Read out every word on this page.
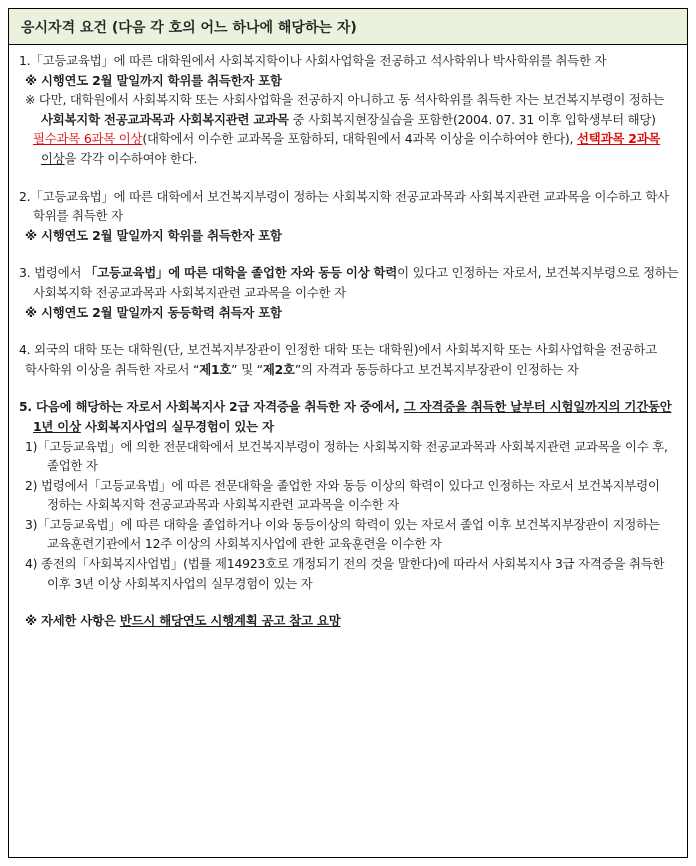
응시자격 요건 (다음 각 호의 어느 하나에 해당하는 자)
1.「고등교육법」에 따른 대학원에서 사회복지학이나 사회사업학을 전공하고 석사학위나 박사학위를 취득한 자
※ 시행연도 2월 말일까지 학위를 취득한자 포함
※ 다만, 대학원에서 사회복지학 또는 사회사업학을 전공하지 아니하고 동 석사학위를 취득한 자는 보건복지부령이 정하는
사회복지학 전공교과목과 사회복지관련 교과목 중 사회복지현장실습을 포함한(2004. 07. 31 이후 입학생부터 해당)
필수과목 6과목 이상(대학에서 이수한 교과목을 포함하되, 대학원에서 4과목 이상을 이수하여야 한다), 선택과목 2과목
이상을 각각 이수하여야 한다.
2.「고등교육법」에 따른 대학에서 보건복지부령이 정하는 사회복지학 전공교과목과 사회복지관련 교과목을 이수하고 학사
학위를 취득한 자
※ 시행연도 2월 말일까지 학위를 취득한자 포함
3. 법령에서 「고등교육법」에 따른 대학을 졸업한 자와 동등 이상 학력이 있다고 인정하는 자로서, 보건복지부령으로 정하는
사회복지학 전공교과목과 사회복지관련 교과목을 이수한 자
※ 시행연도 2월 말일까지 동등학력 취득자 포함
4. 외국의 대학 또는 대학원(단, 보건복지부장관이 인정한 대학 또는 대학원)에서 사회복지학 또는 사회사업학을 전공하고
학사학위 이상을 취득한 자로서 “제1호” 및 “제2호”의 자격과 동등하다고 보건복지부장관이 인정하는 자
5. 다음에 해당하는 자로서 사회복지사 2급 자격증을 취득한 자 중에서, 그 자격증을 취득한 날부터 시험일까지의 기간동안
1년 이상 사회복지사업의 실무경험이 있는 자
1)「고등교육법」에 의한 전문대학에서 보건복지부령이 정하는 사회복지학 전공교과목과 사회복지관련 교과목을 이수 후,
졸업한 자
2) 법령에서「고등교육법」에 따른 전문대학을 졸업한 자와 동등 이상의 학력이 있다고 인정하는 자로서 보건복지부령이
정하는 사회복지학 전공교과목과 사회복지관련 교과목을 이수한 자
3)「고등교육법」에 따른 대학을 졸업하거나 이와 동등이상의 학력이 있는 자로서 졸업 이후 보건복지부장관이 지정하는
교육훈련기관에서 12주 이상의 사회복지사업에 관한 교육훈련을 이수한 자
4) 종전의「사회복지사업법」(법률 제14923호로 개정되기 전의 것을 말한다)에 따라서 사회복지사 3급 자격증을 취득한
이후 3년 이상 사회복지사업의 실무경험이 있는 자
※ 자세한 사항은 반드시 해당연도 시행계획 공고 참고 요망
